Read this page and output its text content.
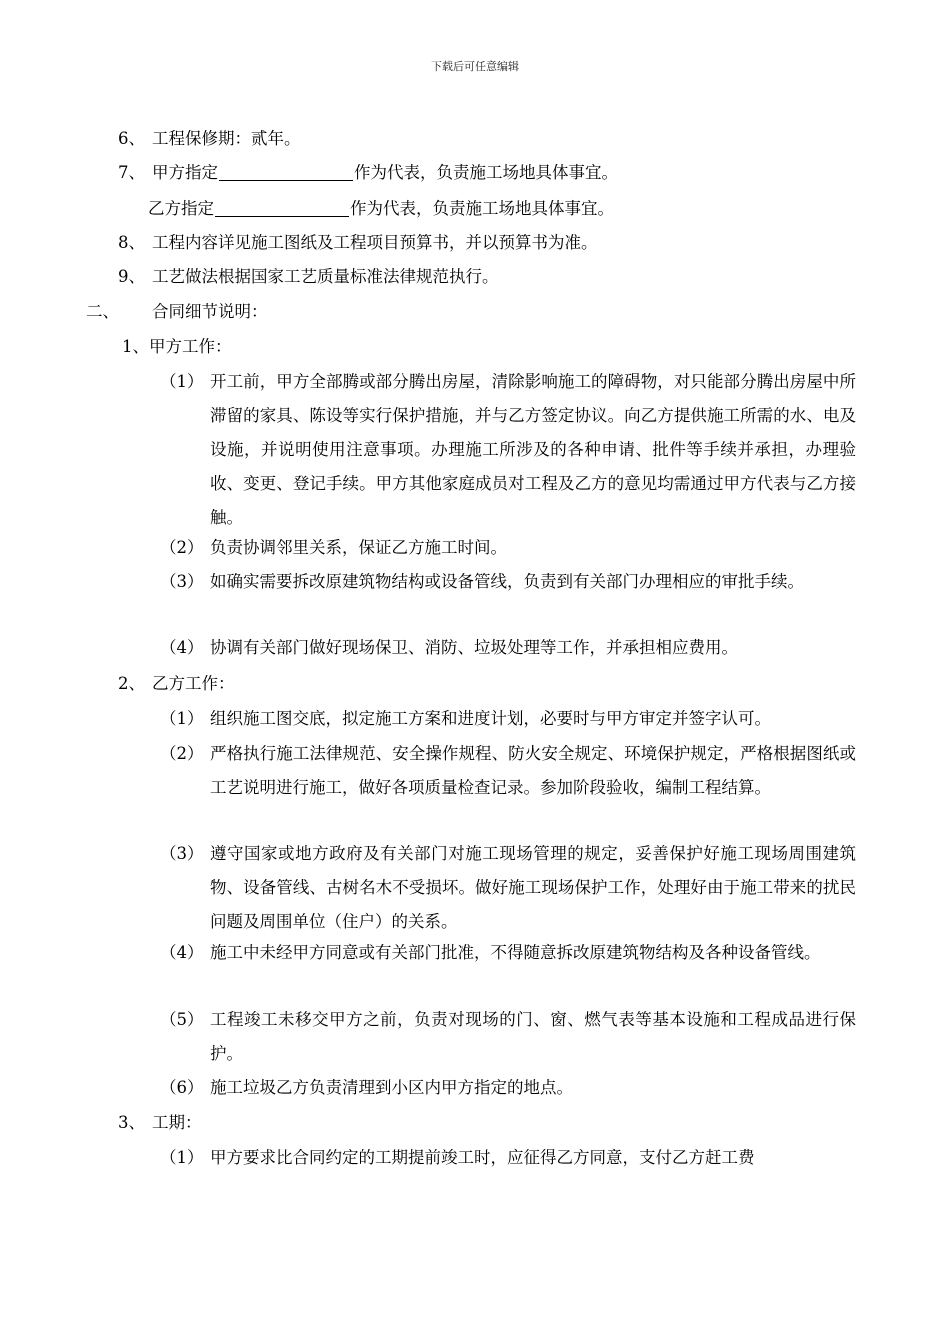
下载后可任意编辑
6、 工程保修期：贰年。
7、 甲方指定	作为代表，负责施工场地具体事宜。
乙方指定	作为代表，负责施工场地具体事宜。
8、 工程内容详见施工图纸及工程项目预算书，并以预算书为准。
9、 工艺做法根据国家工艺质量标准法律规范执行。
二、 合同细节说明：
1、甲方工作：
（1） 开工前，甲方全部腾或部分腾出房屋，清除影响施工的障碍物，对只能部分腾出房屋中所滞留的家具、陈设等实行保护措施，并与乙方签定协议。向乙方提供施工所需的水、电及设施，并说明使用注意事项。办理施工所涉及的各种申请、批件等手续并承担，办理验收、变更、登记手续。甲方其他家庭成员对工程及乙方的意见均需通过甲方代表与乙方接触。
（2） 负责协调邻里关系，保证乙方施工时间。
（3） 如确实需要拆改原建筑物结构或设备管线，负责到有关部门办理相应的审批手续。
（4） 协调有关部门做好现场保卫、消防、垃圾处理等工作，并承担相应费用。
2、 乙方工作：
（1） 组织施工图交底，拟定施工方案和进度计划，必要时与甲方审定并签字认可。
（2） 严格执行施工法律规范、安全操作规程、防火安全规定、环境保护规定，严格根据图纸或工艺说明进行施工，做好各项质量检查记录。参加阶段验收，编制工程结算。
（3） 遵守国家或地方政府及有关部门对施工现场管理的规定，妥善保护好施工现场周围建筑物、设备管线、古树名木不受损坏。做好施工现场保护工作，处理好由于施工带来的扰民问题及周围单位（住户）的关系。
（4） 施工中未经甲方同意或有关部门批准，不得随意拆改原建筑物结构及各种设备管线。
（5） 工程竣工未移交甲方之前，负责对现场的门、窗、燃气表等基本设施和工程成品进行保护。
（6） 施工垃圾乙方负责清理到小区内甲方指定的地点。
3、 工期：
（1） 甲方要求比合同约定的工期提前竣工时，应征得乙方同意，支付乙方赶工费
